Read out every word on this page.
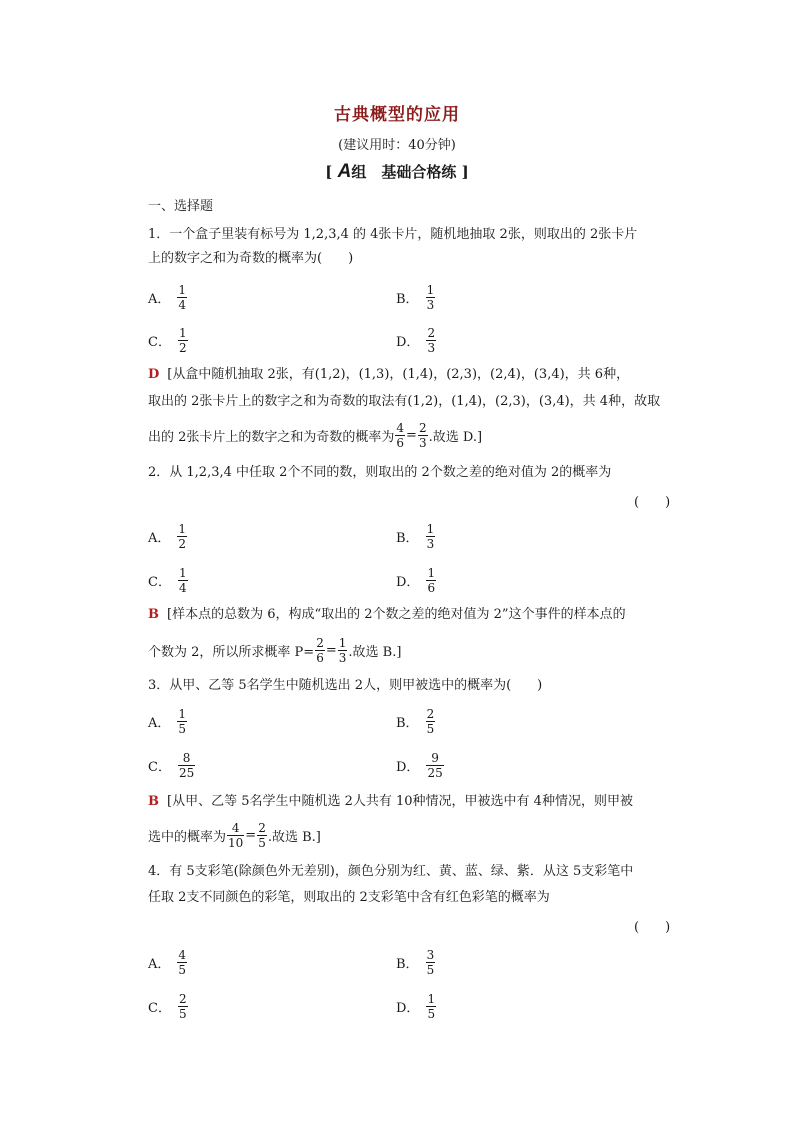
古典概型的应用
(建议用时：40分钟)
[ A组　基础合格练 ]
一、选择题
1．一个盒子里装有标号为 1,2,3,4 的 4张卡片，随机地抽取 2张，则取出的 2张卡片
上的数字之和为奇数的概率为(　　)
A． $\frac{1}{4}$	B． $\frac{1}{3}$
C． $\frac{1}{2}$	D． $\frac{2}{3}$
D [从盒中随机抽取 2张，有(1,2)，(1,3)，(1,4)，(2,3)，(2,4)，(3,4)，共 6种，
取出的 2张卡片上的数字之和为奇数的取法有(1,2)，(1,4)，(2,3)，(3,4)，共 4种，故取
出的 2张卡片上的数字之和为奇数的概率为 $\frac{4}{6} = \frac{2}{3}$ .故选 D.]
2．从 1,2,3,4 中任取 2个不同的数，则取出的 2个数之差的绝对值为 2的概率为
(　　)
A． $\frac{1}{2}$	B． $\frac{1}{3}$
C． $\frac{1}{4}$	D． $\frac{1}{6}$
B [样本点的总数为 6，构成“取出的 2个数之差的绝对值为 2”这个事件的样本点的
个数为 2，所以所求概率 $P= \frac{2}{6} = \frac{1}{3}$ .故选 B.]
3．从甲、乙等 5名学生中随机选出 2人，则甲被选中的概率为(　　)
A． $\frac{1}{5}$	B． $\frac{2}{5}$
C． $\frac{8}{25}$	D． $\frac{9}{25}$
B [从甲、乙等 5名学生中随机选 2人共有 10种情况，甲被选中有 4种情况，则甲被
选中的概率为 $\frac{4}{10} = \frac{2}{5}$ .故选 B.]
4．有 5支彩笔(除颜色外无差别)，颜色分别为红、黄、蓝、绿、紫．从这 5支彩笔中
任取 2支不同颜色的彩笔，则取出的 2支彩笔中含有红色彩笔的概率为
(　　)
A． $\frac{4}{5}$	B． $\frac{3}{5}$
C． $\frac{2}{5}$	D． $\frac{1}{5}$
